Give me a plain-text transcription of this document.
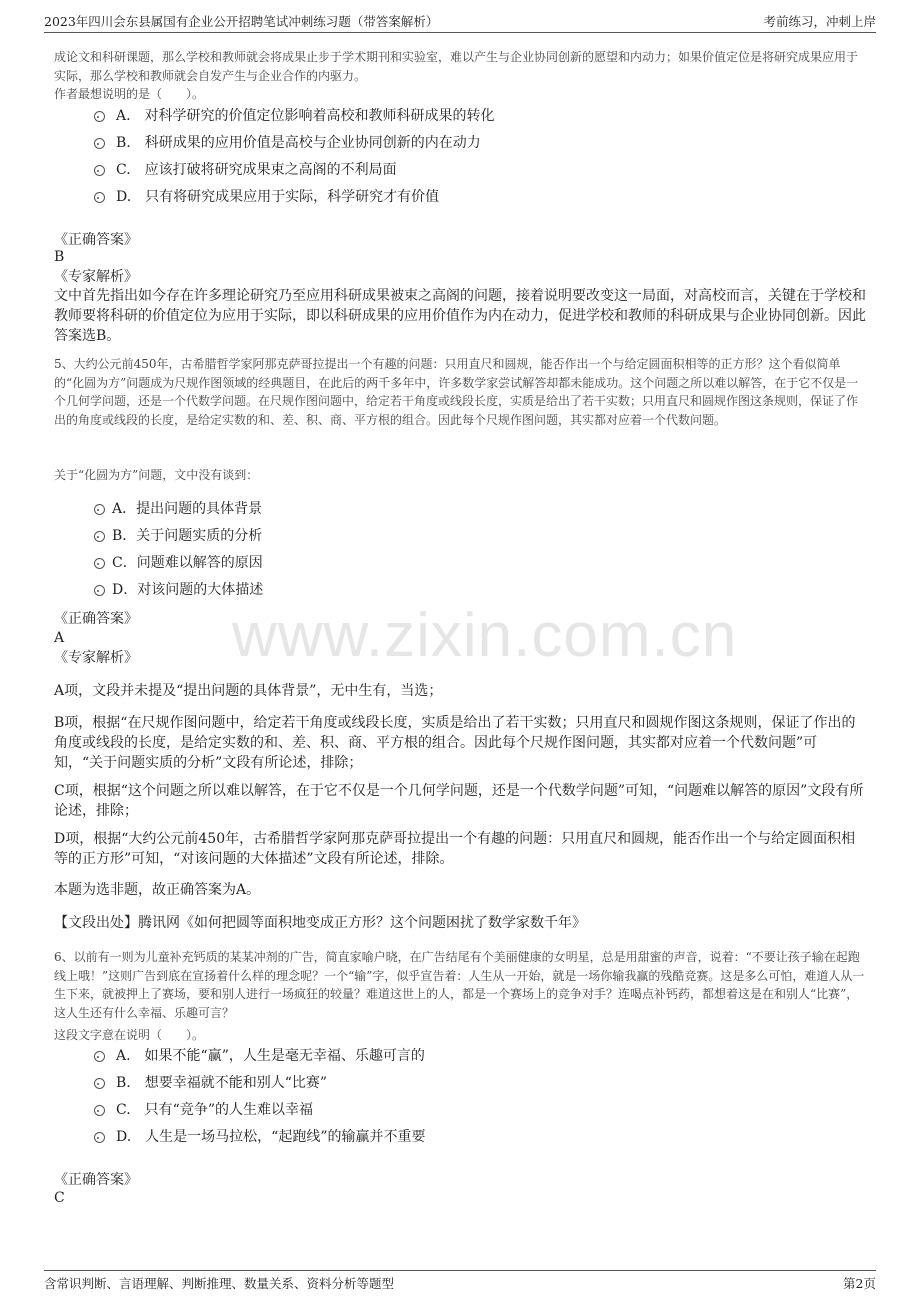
2023年四川会东县属国有企业公开招聘笔试冲刺练习题（带答案解析）	考前练习，冲刺上岸
www.zixin.com.cn
成论文和科研课题，那么学校和教师就会将成果止步于学术期刊和实验室，难以产生与企业协同创新的愿望和内动力；如果价值定位是将研究成果应用于实际，那么学校和教师就会自发产生与企业合作的内驱力。
作者最想说明的是（　　）。
A.　对科学研究的价值定位影响着高校和教师科研成果的转化
B.　科研成果的应用价值是高校与企业协同创新的内在动力
C.　应该打破将研究成果束之高阁的不利局面
D.　只有将研究成果应用于实际，科学研究才有价值
《正确答案》
B
《专家解析》
文中首先指出如今存在许多理论研究乃至应用科研成果被束之高阁的问题，接着说明要改变这一局面，对高校而言，关键在于学校和教师要将科研的价值定位为应用于实际，即以科研成果的应用价值作为内在动力，促进学校和教师的科研成果与企业协同创新。因此答案选B。
5、大约公元前450年，古希腊哲学家阿那克萨哥拉提出一个有趣的问题：只用直尺和圆规，能否作出一个与给定圆面积相等的正方形？这个看似简单的“化圆为方”问题成为尺规作图领域的经典题目，在此后的两千多年中，许多数学家尝试解答却都未能成功。这个问题之所以难以解答，在于它不仅是一个几何学问题，还是一个代数学问题。在尺规作图问题中，给定若干角度或线段长度，实质是给出了若干实数；只用直尺和圆规作图这条规则，保证了作出的角度或线段的长度，是给定实数的和、差、积、商、平方根的组合。因此每个尺规作图问题，其实都对应着一个代数问题。
关于“化圆为方”问题，文中没有谈到：
A．提出问题的具体背景
B．关于问题实质的分析
C．问题难以解答的原因
D．对该问题的大体描述
《正确答案》
A
《专家解析》
A项，文段并未提及“提出问题的具体背景”，无中生有，当选；
B项，根据“在尺规作图问题中，给定若干角度或线段长度，实质是给出了若干实数；只用直尺和圆规作图这条规则，保证了作出的角度或线段的长度，是给定实数的和、差、积、商、平方根的组合。因此每个尺规作图问题，其实都对应着一个代数问题”可知，“关于问题实质的分析”文段有所论述，排除；
C项，根据“这个问题之所以难以解答，在于它不仅是一个几何学问题，还是一个代数学问题”可知，“问题难以解答的原因”文段有所论述，排除；
D项，根据“大约公元前450年，古希腊哲学家阿那克萨哥拉提出一个有趣的问题：只用直尺和圆规，能否作出一个与给定圆面积相等的正方形”可知，“对该问题的大体描述”文段有所论述，排除。
本题为选非题，故正确答案为A。
【文段出处】腾讯网《如何把圆等面积地变成正方形？这个问题困扰了数学家数千年》
6、以前有一则为儿童补充钙质的某某冲剂的广告，简直家喻户晓，在广告结尾有个美丽健康的女明星，总是用甜蜜的声音，说着：“不要让孩子输在起跑线上哦！”这则广告到底在宣扬着什么样的理念呢？一个“输”字，似乎宣告着：人生从一开始，就是一场你输我赢的残酷竞赛。这是多么可怕，难道人从一生下来，就被押上了赛场，要和别人进行一场疯狂的较量？难道这世上的人，都是一个赛场上的竞争对手？连喝点补钙药，都想着这是在和别人“比赛”，这人生还有什么幸福、乐趣可言？
这段文字意在说明（　　）。
A.　如果不能“赢”，人生是毫无幸福、乐趣可言的
B.　想要幸福就不能和别人“比赛”
C.　只有“竞争”的人生难以幸福
D.　人生是一场马拉松，“起跑线”的输赢并不重要
《正确答案》
C
含常识判断、言语理解、判断推理、数量关系、资料分析等题型	第2页
